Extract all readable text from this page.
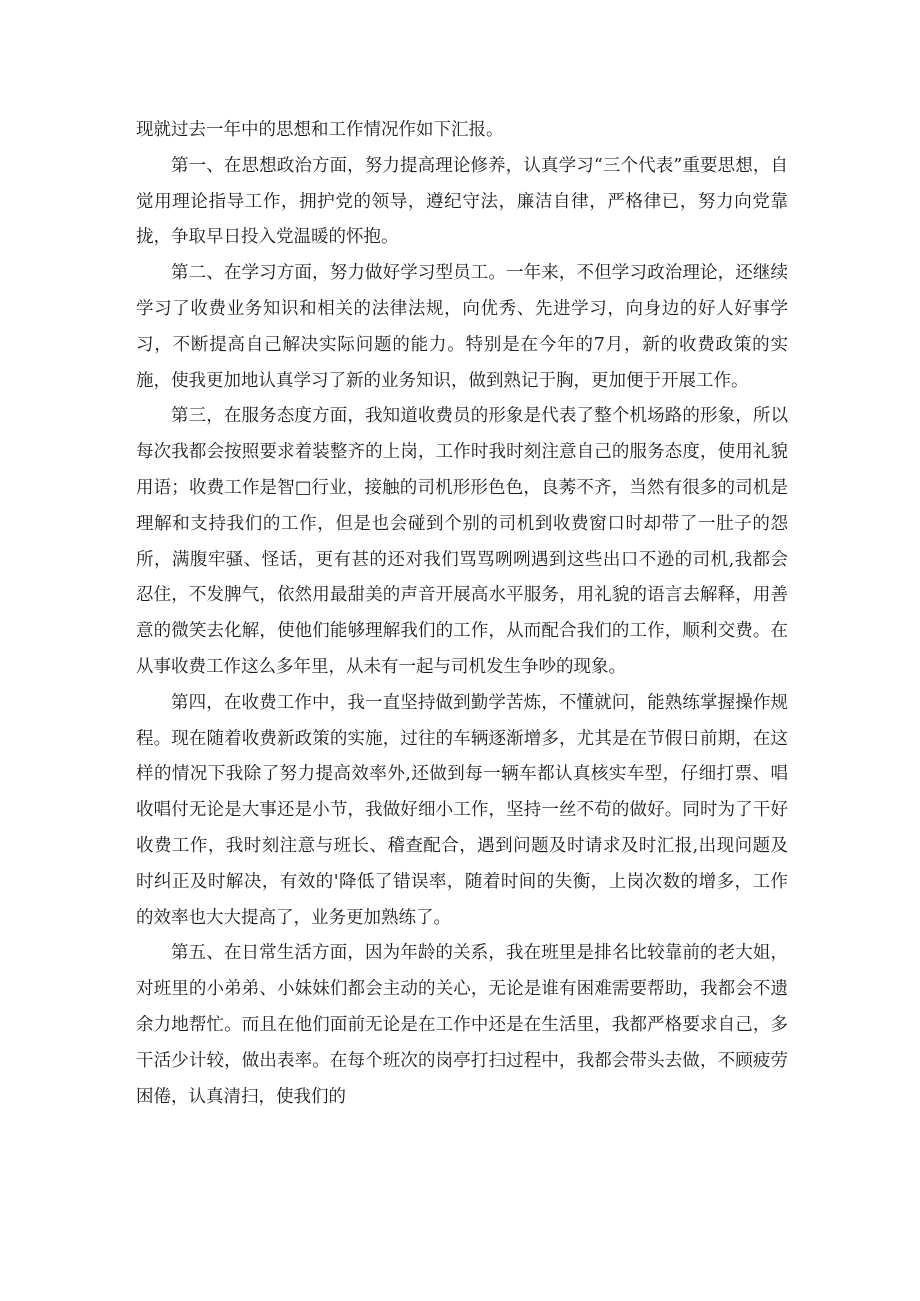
现就过去一年中的思想和工作情况作如下汇报。

第一、在思想政治方面，努力提高理论修养，认真学习“三个代表”重要思想，自觉用理论指导工作，拥护党的领导，遵纪守法，廉洁自律，严格律已，努力向党靠拢，争取早日投入党温暖的怀抱。

第二、在学习方面，努力做好学习型员工。一年来，不但学习政治理论，还继续学习了收费业务知识和相关的法律法规，向优秀、先进学习，向身边的好人好事学习，不断提高自己解决实际问题的能力。特别是在今年的7月，新的收费政策的实施，使我更加地认真学习了新的业务知识，做到熟记于胸，更加便于开展工作。

第三，在服务态度方面，我知道收费员的形象是代表了整个机场路的形象，所以每次我都会按照要求着装整齐的上岗，工作时我时刻注意自己的服务态度，使用礼貌用语；收费工作是智□行业，接触的司机形形色色，良莠不齐，当然有很多的司机是理解和支持我们的工作，但是也会碰到个别的司机到收费窗口时却带了一肚子的怨所，满腹牢骚、怪话，更有甚的还对我们骂骂咧咧遇到这些出口不逊的司机,我都会忍住，不发脾气，依然用最甜美的声音开展高水平服务，用礼貌的语言去解释，用善意的微笑去化解，使他们能够理解我们的工作，从而配合我们的工作，顺利交费。在从事收费工作这么多年里，从未有一起与司机发生争吵的现象。

第四，在收费工作中，我一直坚持做到勤学苦炼，不懂就问，能熟练掌握操作规程。现在随着收费新政策的实施，过往的车辆逐渐增多，尤其是在节假日前期，在这样的情况下我除了努力提高效率外,还做到每一辆车都认真核实车型，仔细打票、唱收唱付无论是大事还是小节，我做好细小工作，坚持一丝不苟的做好。同时为了干好收费工作，我时刻注意与班长、稽查配合，遇到问题及时请求及时汇报,出现问题及时纠正及时解决，有效的'降低了错误率，随着时间的失衡，上岗次数的增多，工作的效率也大大提高了，业务更加熟练了。

第五、在日常生活方面，因为年龄的关系，我在班里是排名比较靠前的老大姐，对班里的小弟弟、小妹妹们都会主动的关心，无论是谁有困难需要帮助，我都会不遗余力地帮忙。而且在他们面前无论是在工作中还是在生活里，我都严格要求自己，多干活少计较，做出表率。在每个班次的岗亭打扫过程中，我都会带头去做，不顾疲劳困倦，认真清扫，使我们的
